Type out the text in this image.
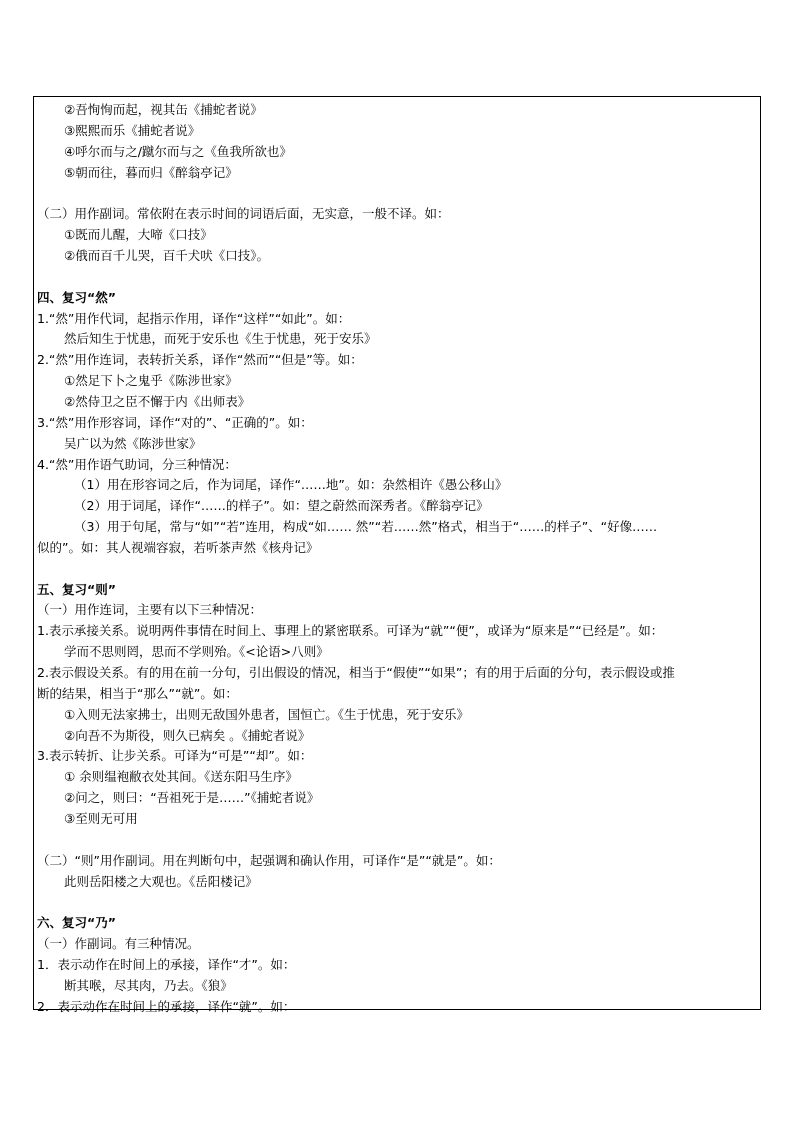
②吾恂恂而起，视其缶《捕蛇者说》
③熙熙而乐《捕蛇者说》
④呼尔而与之/蹴尔而与之《鱼我所欲也》
⑤朝而往，暮而归《醉翁亭记》
（二）用作副词。常依附在表示时间的词语后面，无实意，一般不译。如：
①既而儿醒，大啼《口技》
②俄而百千儿哭，百千犬吠《口技》。
四、复习“然”
1.“然”用作代词，起指示作用，译作“这样”“如此”。如：
然后知生于忧患，而死于安乐也《生于忧患，死于安乐》
2.“然”用作连词，表转折关系，译作“然而”“但是”等。如：
①然足下卜之鬼乎《陈涉世家》
②然侍卫之臣不懈于内《出师表》
3.“然”用作形容词，译作“对的”、“正确的”。如：
吴广以为然《陈涉世家》
4.“然”用作语气助词，分三种情况：
（1）用在形容词之后，作为词尾，译作“……地”。如：杂然相许《愚公移山》
（2）用于词尾，译作“……的样子”。如：望之蔚然而深秀者。《醉翁亭记》
（3）用于句尾，常与“如”“若”连用，构成“如…… 然”“若……然”格式，相当于“……的样子”、“好像……
似的”。如：其人视端容寂，若听茶声然《核舟记》
五、复习“则”
（一）用作连词，主要有以下三种情况：
1.表示承接关系。说明两件事情在时间上、事理上的紧密联系。可译为“就”“便”，或译为“原来是”“已经是”。如：
学而不思则罔，思而不学则殆。《<论语>八则》
2.表示假设关系。有的用在前一分句，引出假设的情况，相当于“假使”“如果”；有的用于后面的分句，表示假设或推
断的结果，相当于“那么”“就”。如：
①入则无法家拂士，出则无敌国外患者，国恒亡。《生于忧患，死于安乐》
②向吾不为斯役，则久已病矣 。《捕蛇者说》
3.表示转折、让步关系。可译为“可是”“却”。如：
① 余则缊袍敝衣处其间。《送东阳马生序》
②问之，则曰：“吾祖死于是……”《捕蛇者说》
③至则无可用
（二）“则”用作副词。用在判断句中，起强调和确认作用，可译作“是”“就是”。如：
此则岳阳楼之大观也。《岳阳楼记》
六、复习“乃”
（一）作副词。有三种情况。
1．表示动作在时间上的承接，译作“才”。如：
断其喉，尽其肉，乃去。《狼》
2．表示动作在时间上的承接，译作“就”。如：
